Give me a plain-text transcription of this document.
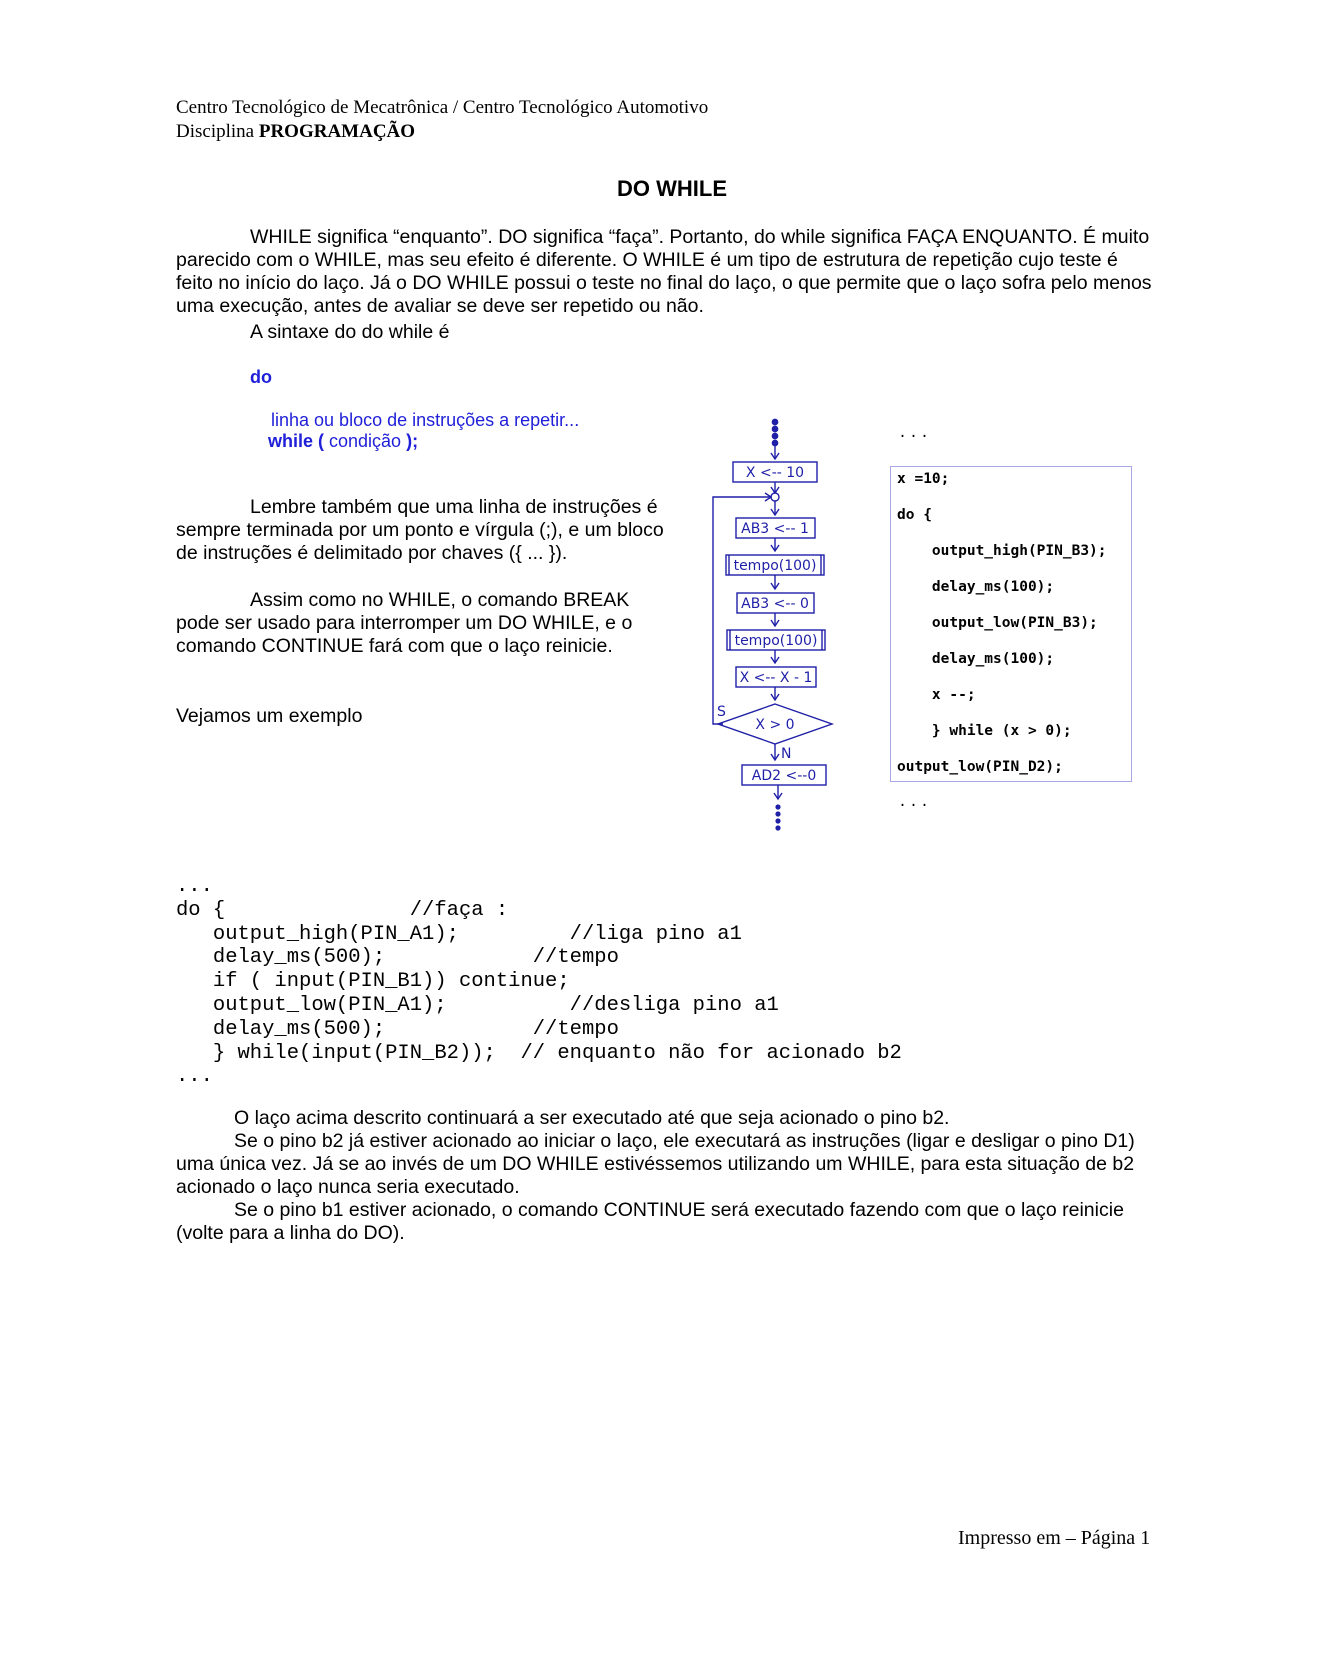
Centro Tecnológico de Mecatrônica / Centro Tecnológico Automotivo
Disciplina PROGRAMAÇÃO
DO WHILE

WHILE significa “enquanto”. DO significa “faça”. Portanto, do while significa FAÇA ENQUANTO. É muito parecido com o WHILE, mas seu efeito é diferente. O WHILE é um tipo de estrutura de repetição cujo teste é feito no início do laço. Já o DO WHILE possui o teste no final do laço, o que permite que o laço sofra pelo menos uma execução, antes de avaliar se deve ser repetido ou não.

A sintaxe do do while é
do
linha ou bloco de instruções a repetir...
while ( condição );

Lembre também que uma linha de instruções é sempre terminada por um ponto e vírgula (;), e um bloco de instruções é delimitado por chaves ({ ... }).

Assim como no WHILE, o comando BREAK pode ser usado para interromper um DO WHILE, e o comando CONTINUE fará com que o laço reinicie.

Vejamos um exemplo
X <-- 10
AB3 <-- 1
tempo(100)
AB3 <-- 0
tempo(100)
X <-- X - 1
X > 0
S
N
AD2 <--0
...
x =10;
do {
output_high(PIN_B3);
delay_ms(100);
output_low(PIN_B3);
delay_ms(100);
x --;
} while (x > 0);
output_low(PIN_D2);
...
...
do {               //faça :
output_high(PIN_A1);         //liga pino a1
delay_ms(500);            //tempo
if ( input(PIN_B1)) continue;
output_low(PIN_A1);          //desliga pino a1
delay_ms(500);            //tempo
} while(input(PIN_B2));  // enquanto não for acionado b2
...

O laço acima descrito continuará a ser executado até que seja acionado o pino b2.

Se o pino b2 já estiver acionado ao iniciar o laço, ele executará as instruções (ligar e desligar o pino D1) uma única vez. Já se ao invés de um DO WHILE estivéssemos utilizando um WHILE, para esta situação de b2 acionado o laço nunca seria executado.

Se o pino b1 estiver acionado, o comando CONTINUE será executado fazendo com que o laço reinicie (volte para a linha do DO).

Impresso em – Página 1
